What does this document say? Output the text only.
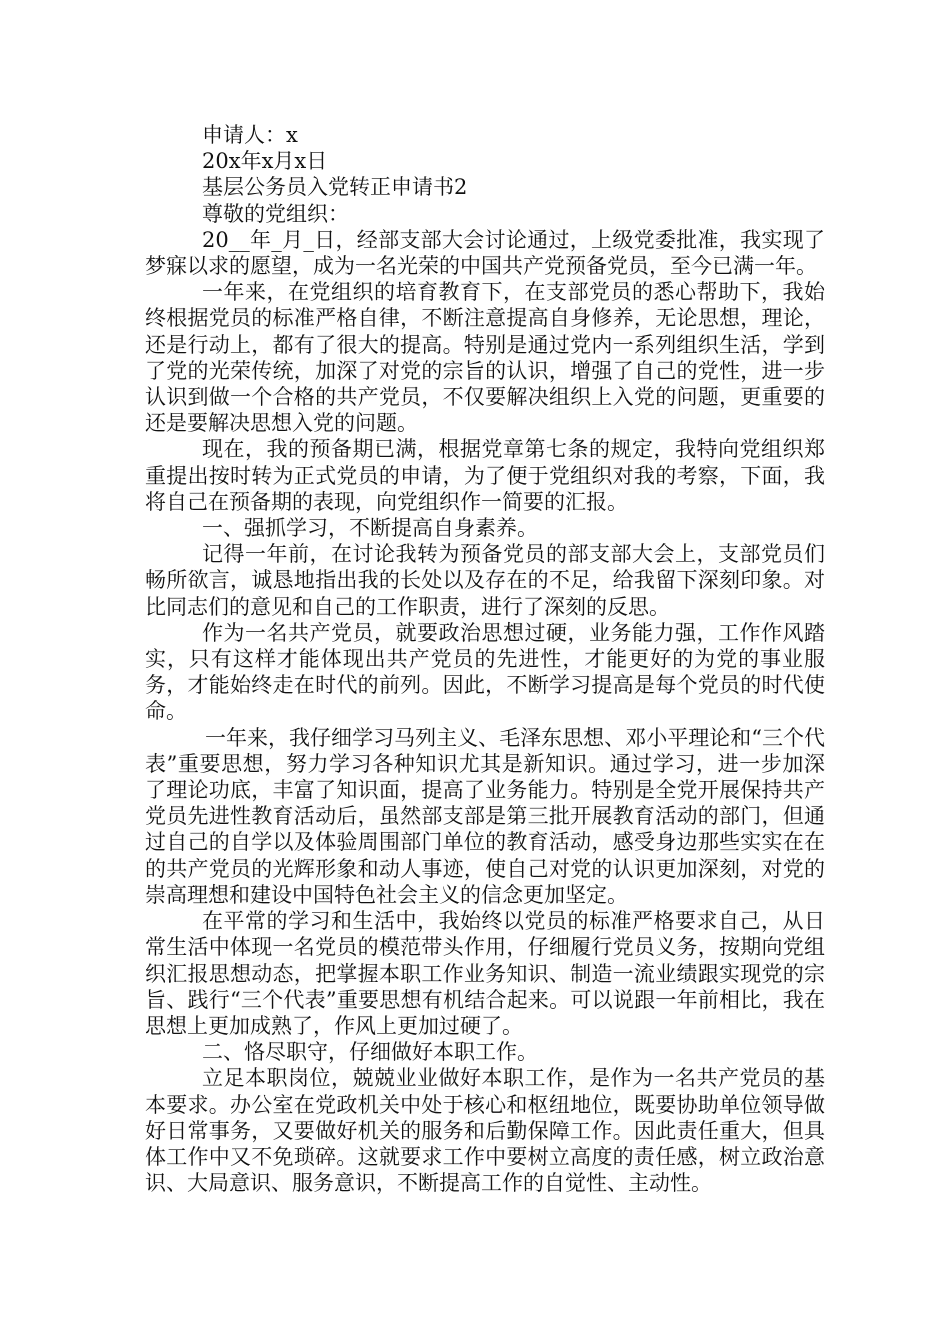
申请人：x
20x年x月x日
基层公务员入党转正申请书2
尊敬的党组织：

20__年_月_日，经部支部大会讨论通过，上级党委批准，我实现了梦寐以求的愿望，成为一名光荣的中国共产党预备党员，至今已满一年。

一年来，在党组织的培育教育下，在支部党员的悉心帮助下，我始终根据党员的标准严格自律，不断注意提高自身修养，无论思想，理论，还是行动上，都有了很大的提高。特别是通过党内一系列组织生活，学到了党的光荣传统，加深了对党的宗旨的认识，增强了自己的党性，进一步认识到做一个合格的共产党员，不仅要解决组织上入党的问题，更重要的还是要解决思想入党的问题。

现在，我的预备期已满，根据党章第七条的规定，我特向党组织郑重提出按时转为正式党员的申请，为了便于党组织对我的考察，下面，我将自己在预备期的表现，向党组织作一简要的汇报。

一、强抓学习，不断提高自身素养。

记得一年前，在讨论我转为预备党员的部支部大会上，支部党员们畅所欲言，诚恳地指出我的长处以及存在的不足，给我留下深刻印象。对比同志们的意见和自己的工作职责，进行了深刻的反思。

作为一名共产党员，就要政治思想过硬，业务能力强，工作作风踏实，只有这样才能体现出共产党员的先进性，才能更好的为党的事业服务，才能始终走在时代的前列。因此，不断学习提高是每个党员的时代使命。

一年来，我仔细学习马列主义、毛泽东思想、邓小平理论和“三个代表”重要思想，努力学习各种知识尤其是新知识。通过学习，进一步加深了理论功底，丰富了知识面，提高了业务能力。特别是全党开展保持共产党员先进性教育活动后，虽然部支部是第三批开展教育活动的部门，但通过自己的自学以及体验周围部门单位的教育活动，感受身边那些实实在在的共产党员的光辉形象和动人事迹，使自己对党的认识更加深刻，对党的崇高理想和建设中国特色社会主义的信念更加坚定。

在平常的学习和生活中，我始终以党员的标准严格要求自己，从日常生活中体现一名党员的模范带头作用，仔细履行党员义务，按期向党组织汇报思想动态，把掌握本职工作业务知识、制造一流业绩跟实现党的宗旨、践行“三个代表”重要思想有机结合起来。可以说跟一年前相比，我在思想上更加成熟了，作风上更加过硬了。

二、恪尽职守，仔细做好本职工作。

立足本职岗位，兢兢业业做好本职工作，是作为一名共产党员的基本要求。办公室在党政机关中处于核心和枢纽地位，既要协助单位领导做好日常事务，又要做好机关的服务和后勤保障工作。因此责任重大，但具体工作中又不免琐碎。这就要求工作中要树立高度的责任感，树立政治意识、大局意识、服务意识，不断提高工作的自觉性、主动性。
